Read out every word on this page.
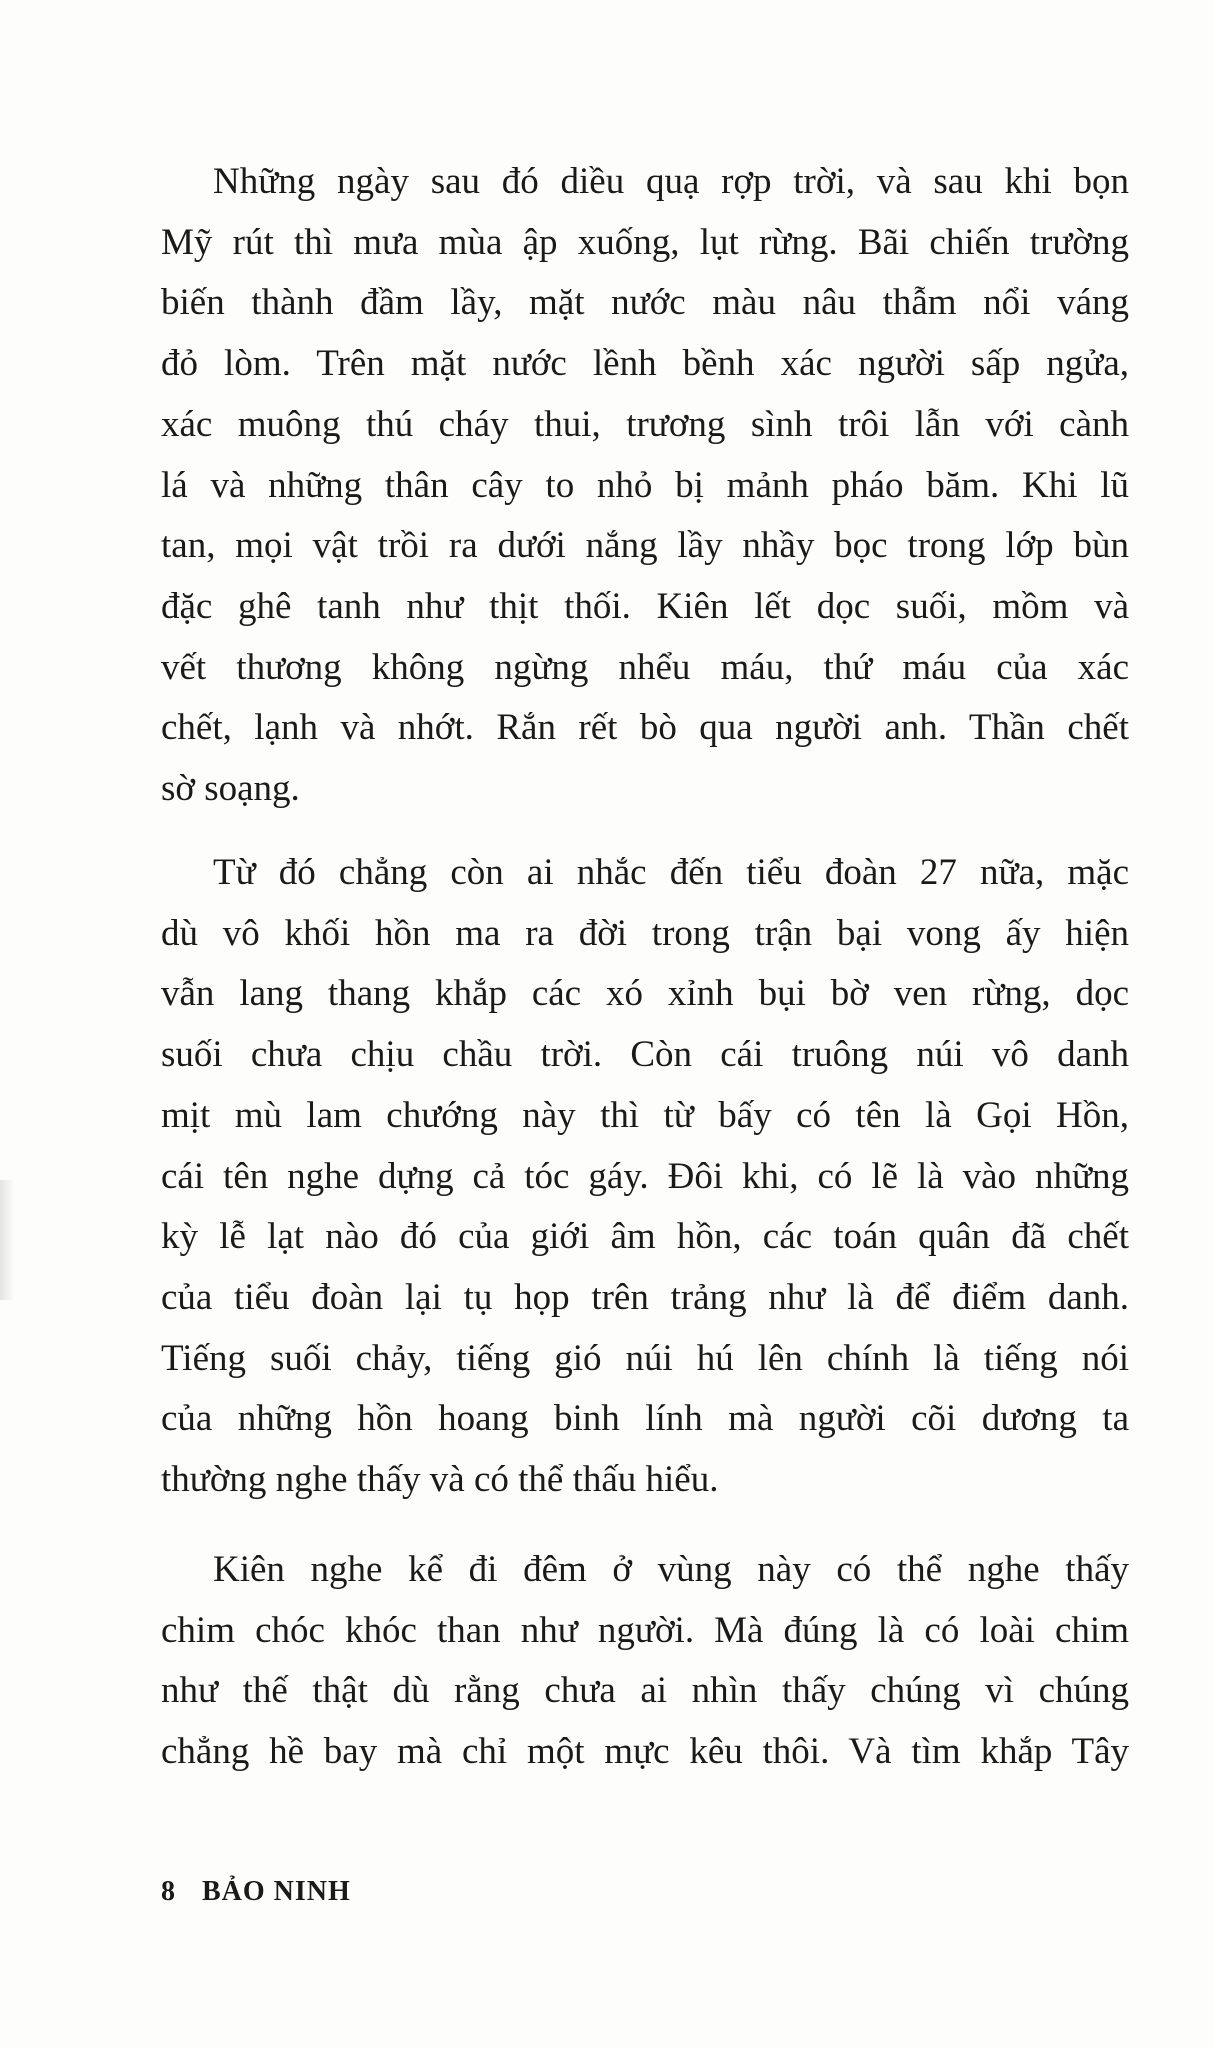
Những ngày sau đó diều quạ rợp trời, và sau khi bọn
Mỹ rút thì mưa mùa ập xuống, lụt rừng. Bãi chiến trường
biến thành đầm lầy, mặt nước màu nâu thẫm nổi váng
đỏ lòm. Trên mặt nước lềnh bềnh xác người sấp ngửa,
xác muông thú cháy thui, trương sình trôi lẫn với cành
lá và những thân cây to nhỏ bị mảnh pháo băm. Khi lũ
tan, mọi vật trồi ra dưới nắng lầy nhầy bọc trong lớp bùn
đặc ghê tanh như thịt thối. Kiên lết dọc suối, mồm và
vết thương không ngừng nhểu máu, thứ máu của xác
chết, lạnh và nhớt. Rắn rết bò qua người anh. Thần chết
sờ soạng.
Từ đó chẳng còn ai nhắc đến tiểu đoàn 27 nữa, mặc
dù vô khối hồn ma ra đời trong trận bại vong ấy hiện
vẫn lang thang khắp các xó xỉnh bụi bờ ven rừng, dọc
suối chưa chịu chầu trời. Còn cái truông núi vô danh
mịt mù lam chướng này thì từ bấy có tên là Gọi Hồn,
cái tên nghe dựng cả tóc gáy. Đôi khi, có lẽ là vào những
kỳ lễ lạt nào đó của giới âm hồn, các toán quân đã chết
của tiểu đoàn lại tụ họp trên trảng như là để điểm danh.
Tiếng suối chảy, tiếng gió núi hú lên chính là tiếng nói
của những hồn hoang binh lính mà người cõi dương ta
thường nghe thấy và có thể thấu hiểu.
Kiên nghe kể đi đêm ở vùng này có thể nghe thấy
chim chóc khóc than như người. Mà đúng là có loài chim
như thế thật dù rằng chưa ai nhìn thấy chúng vì chúng
chẳng hề bay mà chỉ một mực kêu thôi. Và tìm khắp Tây
8 BẢO NINH
